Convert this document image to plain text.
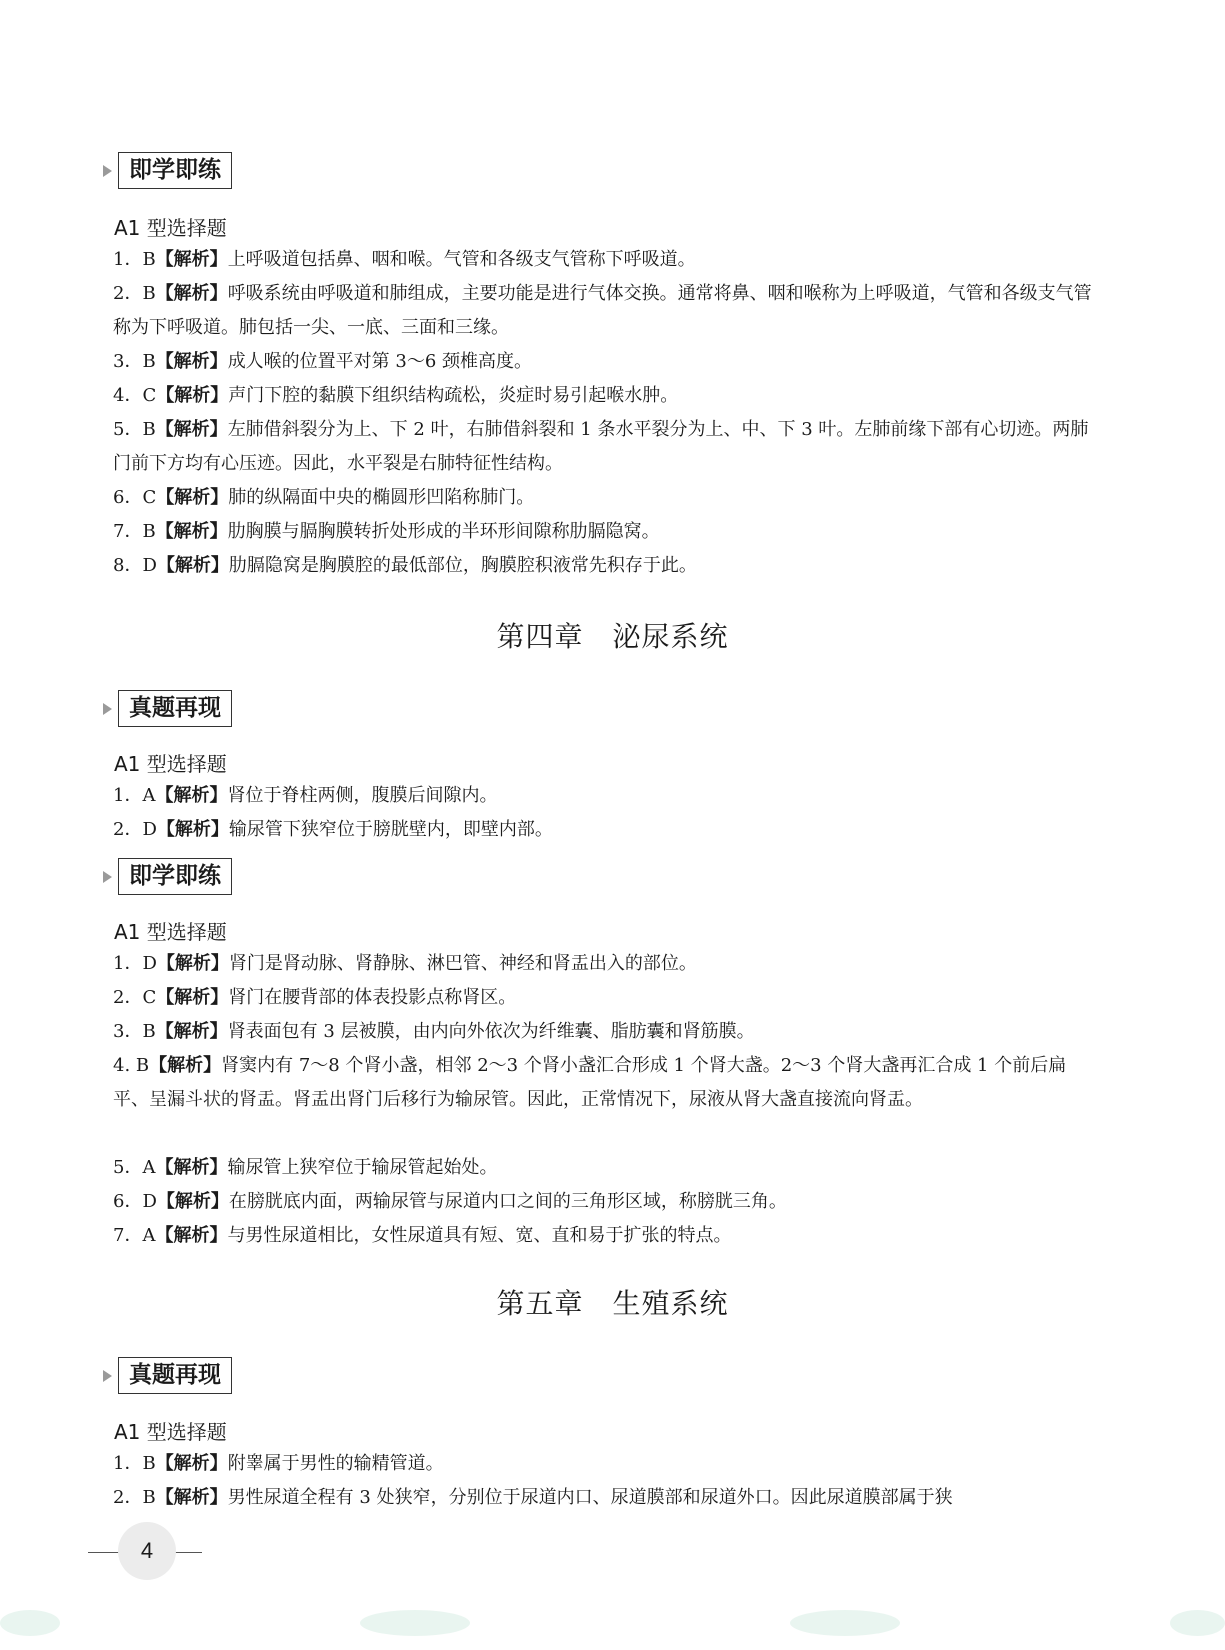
即学即练
A1 型选择题
1．B【解析】上呼吸道包括鼻、咽和喉。气管和各级支气管称下呼吸道。
2．B【解析】呼吸系统由呼吸道和肺组成，主要功能是进行气体交换。通常将鼻、咽和喉称为上呼吸道，气管和各级支气管称为下呼吸道。肺包括一尖、一底、三面和三缘。
3．B【解析】成人喉的位置平对第 3～6 颈椎高度。
4．C【解析】声门下腔的黏膜下组织结构疏松，炎症时易引起喉水肿。
5．B【解析】左肺借斜裂分为上、下 2 叶，右肺借斜裂和 1 条水平裂分为上、中、下 3 叶。左肺前缘下部有心切迹。两肺门前下方均有心压迹。因此，水平裂是右肺特征性结构。
6．C【解析】肺的纵隔面中央的椭圆形凹陷称肺门。
7．B【解析】肋胸膜与膈胸膜转折处形成的半环形间隙称肋膈隐窝。
8．D【解析】肋膈隐窝是胸膜腔的最低部位，胸膜腔积液常先积存于此。
第四章　泌尿系统
真题再现
A1 型选择题
1．A【解析】肾位于脊柱两侧，腹膜后间隙内。
2．D【解析】输尿管下狭窄位于膀胱壁内，即壁内部。
即学即练
A1 型选择题
1．D【解析】肾门是肾动脉、肾静脉、淋巴管、神经和肾盂出入的部位。
2．C【解析】肾门在腰背部的体表投影点称肾区。
3．B【解析】肾表面包有 3 层被膜，由内向外依次为纤维囊、脂肪囊和肾筋膜。
4. B【解析】肾窦内有 7～8 个肾小盏，相邻 2～3 个肾小盏汇合形成 1 个肾大盏。2～3 个肾大盏再汇合成 1 个前后扁平、呈漏斗状的肾盂。肾盂出肾门后移行为输尿管。因此，正常情况下，尿液从肾大盏直接流向肾盂。
5．A【解析】输尿管上狭窄位于输尿管起始处。
6．D【解析】在膀胱底内面，两输尿管与尿道内口之间的三角形区域，称膀胱三角。
7．A【解析】与男性尿道相比，女性尿道具有短、宽、直和易于扩张的特点。
第五章　生殖系统
真题再现
A1 型选择题
1．B【解析】附睾属于男性的输精管道。
2．B【解析】男性尿道全程有 3 处狭窄，分别位于尿道内口、尿道膜部和尿道外口。因此尿道膜部属于狭
4
